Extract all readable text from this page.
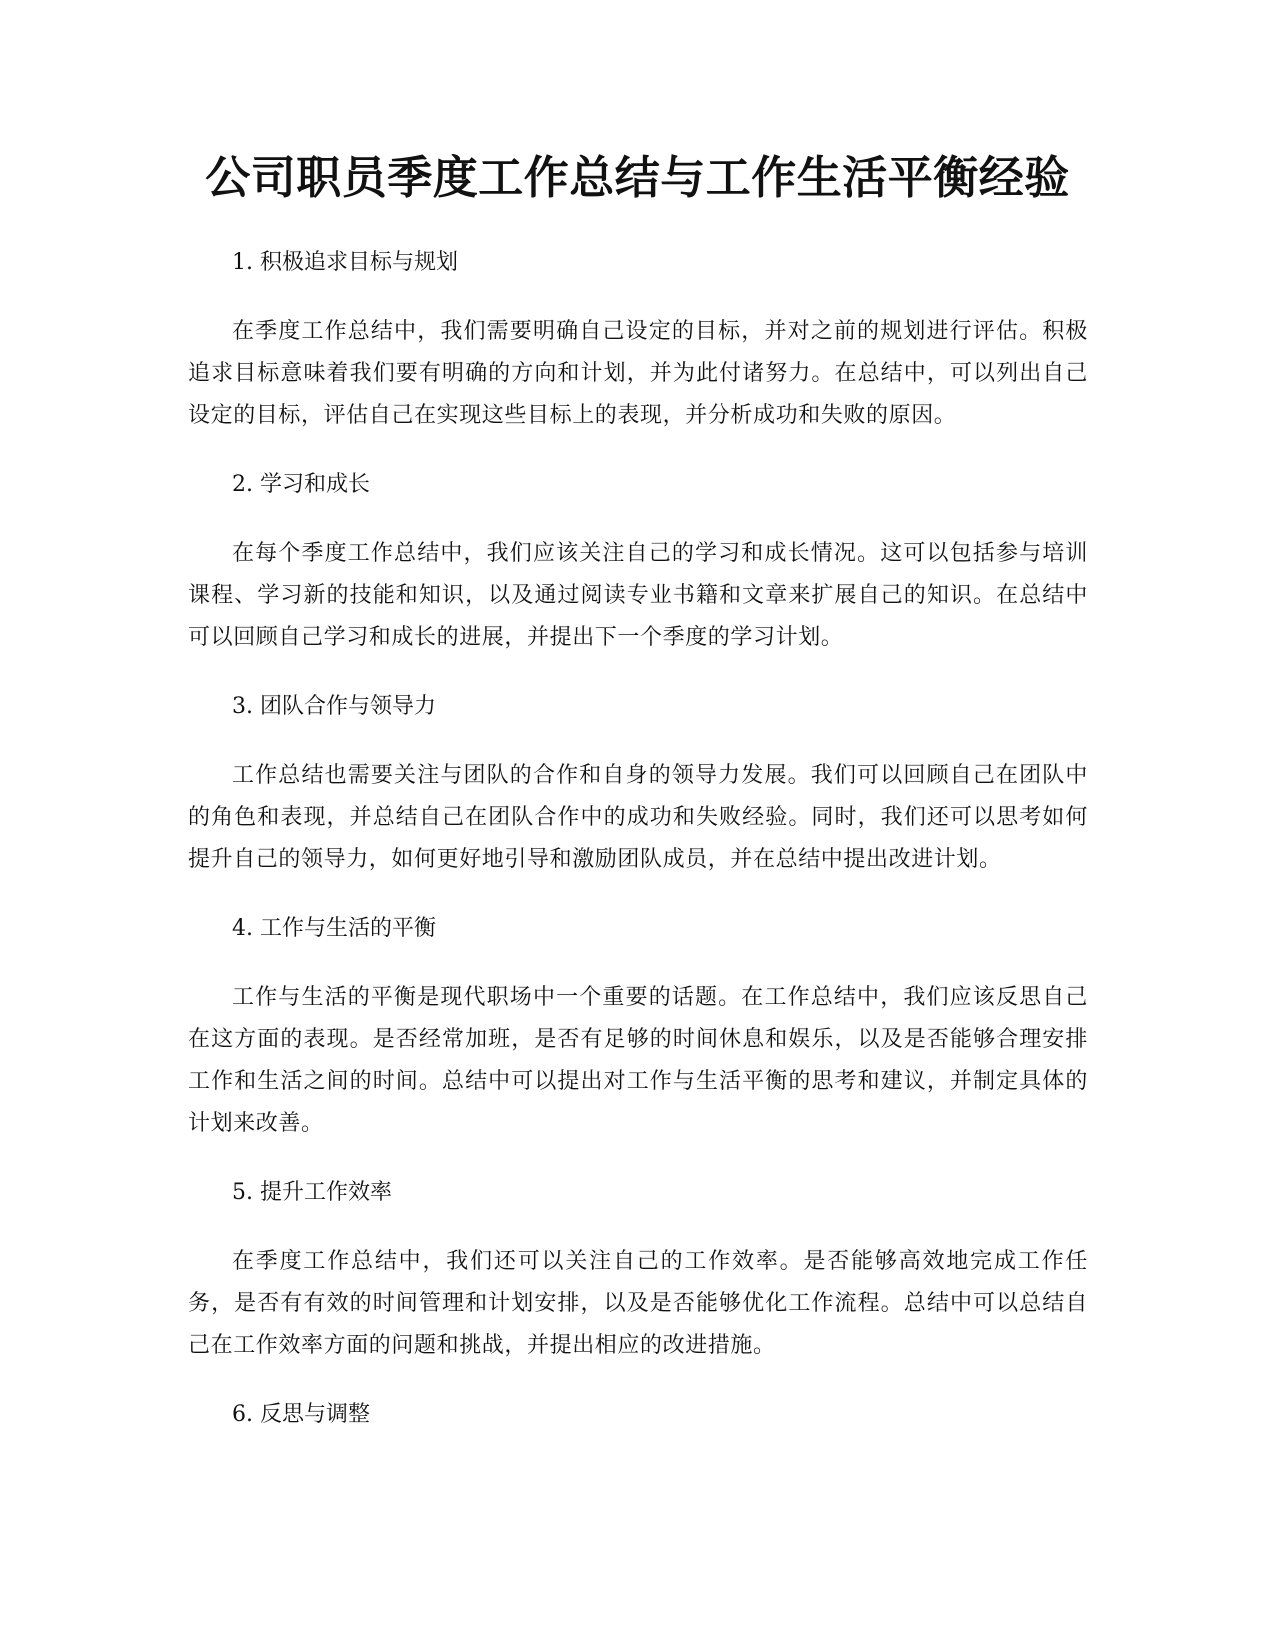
公司职员季度工作总结与工作生活平衡经验

1. 积极追求目标与规划

在季度工作总结中，我们需要明确自己设定的目标，并对之前的规划进行评估。积极追求目标意味着我们要有明确的方向和计划，并为此付诸努力。在总结中，可以列出自己设定的目标，评估自己在实现这些目标上的表现，并分析成功和失败的原因。

2. 学习和成长

在每个季度工作总结中，我们应该关注自己的学习和成长情况。这可以包括参与培训课程、学习新的技能和知识，以及通过阅读专业书籍和文章来扩展自己的知识。在总结中可以回顾自己学习和成长的进展，并提出下一个季度的学习计划。

3. 团队合作与领导力

工作总结也需要关注与团队的合作和自身的领导力发展。我们可以回顾自己在团队中的角色和表现，并总结自己在团队合作中的成功和失败经验。同时，我们还可以思考如何提升自己的领导力，如何更好地引导和激励团队成员，并在总结中提出改进计划。

4. 工作与生活的平衡

工作与生活的平衡是现代职场中一个重要的话题。在工作总结中，我们应该反思自己在这方面的表现。是否经常加班，是否有足够的时间休息和娱乐，以及是否能够合理安排工作和生活之间的时间。总结中可以提出对工作与生活平衡的思考和建议，并制定具体的计划来改善。

5. 提升工作效率

在季度工作总结中，我们还可以关注自己的工作效率。是否能够高效地完成工作任务，是否有有效的时间管理和计划安排，以及是否能够优化工作流程。总结中可以总结自己在工作效率方面的问题和挑战，并提出相应的改进措施。

6. 反思与调整
